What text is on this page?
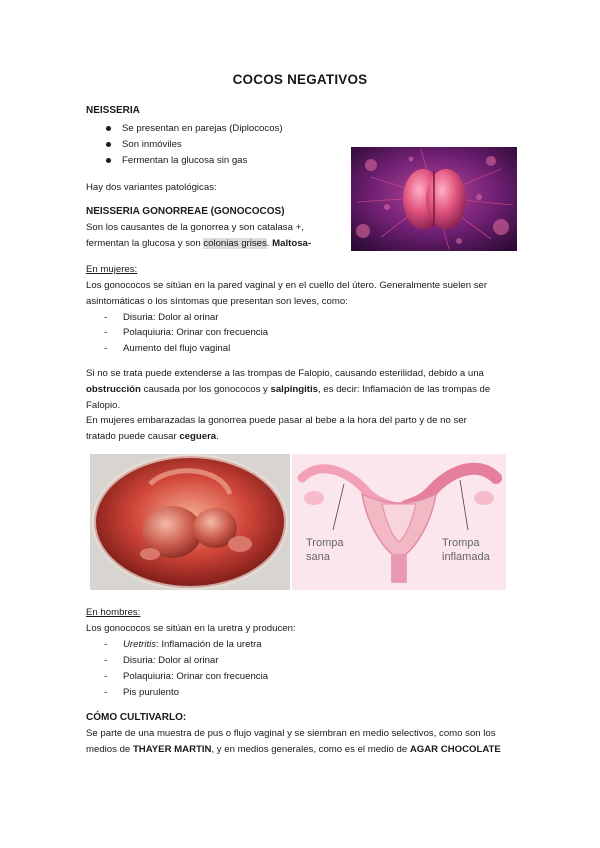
COCOS NEGATIVOS
NEISSERIA
Se presentan en parejas (Diplococos)
Son inmóviles
Fermentan la glucosa sin gas
Hay dos variantes patológicas:
NEISSERIA GONORREAE (GONOCOCOS)
Son los causantes de la gonorrea y son catalasa +,
fermentan la glucosa y son colonias grises. Maltosa-
En mujeres:
Los gonococos se sitúan en la pared vaginal y en el cuello del útero. Generalmente suelen ser
asintomáticas o los síntomas que presentan son leves, como:
- Disuria: Dolor al orinar
- Polaquiuria: Orinar con frecuencia
- Aumento del flujo vaginal
Si no se trata puede extenderse a las trompas de Falopio, causando esterilidad, debido a una
obstrucción causada por los gonococos y salpingitis, es decir: Inflamación de las trompas de
Falopio.
En mujeres embarazadas la gonorrea puede pasar al bebe a la hora del parto y de no ser
tratado puede causar ceguera.
Trompa
sana
Trompa
inflamada
En hombres:
Los gonococos se sitúan en la uretra y producen:
- Uretritis: Inflamación de la uretra
- Disuria: Dolor al orinar
- Polaquiuria: Orinar con frecuencia
- Pis purulento
CÓMO CULTIVARLO:
Se parte de una muestra de pus o flujo vaginal y se siembran en medio selectivos, como son los
medios de THAYER MARTIN, y en medios generales, como es el medio de AGAR CHOCOLATE
